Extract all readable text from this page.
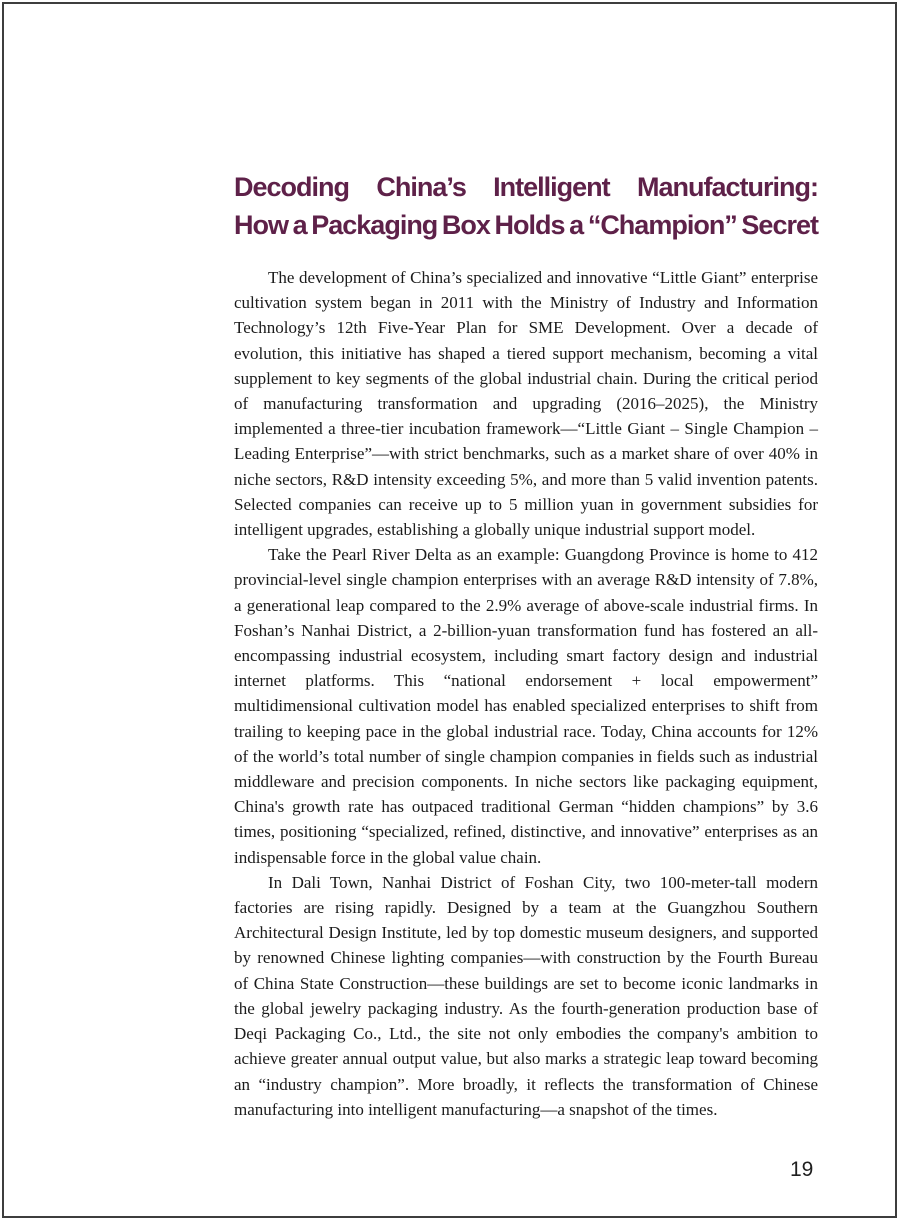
Decoding China’s Intelligent Manufacturing:
How a Packaging Box Holds a “Champion” Secret

The development of China’s specialized and innovative “Little Giant” enterprise cultivation system began in 2011 with the Ministry of Industry and Information Technology’s 12th Five-Year Plan for SME Development. Over a decade of evolution, this initiative has shaped a tiered support mechanism, becoming a vital supplement to key segments of the global industrial chain. During the critical period of manufacturing transformation and upgrading (2016–2025), the Ministry implemented a three-tier incubation framework—“Little Giant – Single Champion – Leading Enterprise”—with strict benchmarks, such as a market share of over 40% in niche sectors, R&D intensity exceeding 5%, and more than 5 valid invention patents. Selected companies can receive up to 5 million yuan in government subsidies for intelligent upgrades, establishing a globally unique industrial support model.

Take the Pearl River Delta as an example: Guangdong Province is home to 412 provincial-level single champion enterprises with an average R&D intensity of 7.8%, a generational leap compared to the 2.9% average of above-scale industrial firms. In Foshan’s Nanhai District, a 2-billion-yuan transformation fund has fostered an all-encompassing industrial ecosystem, including smart factory design and industrial internet platforms. This “national endorsement + local empowerment” multidimensional cultivation model has enabled specialized enterprises to shift from trailing to keeping pace in the global industrial race. Today, China accounts for 12% of the world’s total number of single champion companies in fields such as industrial middleware and precision components. In niche sectors like packaging equipment, China's growth rate has outpaced traditional German “hidden champions” by 3.6 times, positioning “specialized, refined, distinctive, and innovative” enterprises as an indispensable force in the global value chain.

In Dali Town, Nanhai District of Foshan City, two 100-meter-tall modern factories are rising rapidly. Designed by a team at the Guangzhou Southern Architectural Design Institute, led by top domestic museum designers, and supported by renowned Chinese lighting companies—with construction by the Fourth Bureau of China State Construction—these buildings are set to become iconic landmarks in the global jewelry packaging industry. As the fourth-generation production base of Deqi Packaging Co., Ltd., the site not only embodies the company's ambition to achieve greater annual output value, but also marks a strategic leap toward becoming an “industry champion”. More broadly, it reflects the transformation of Chinese manufacturing into intelligent manufacturing—a snapshot of the times.

19
